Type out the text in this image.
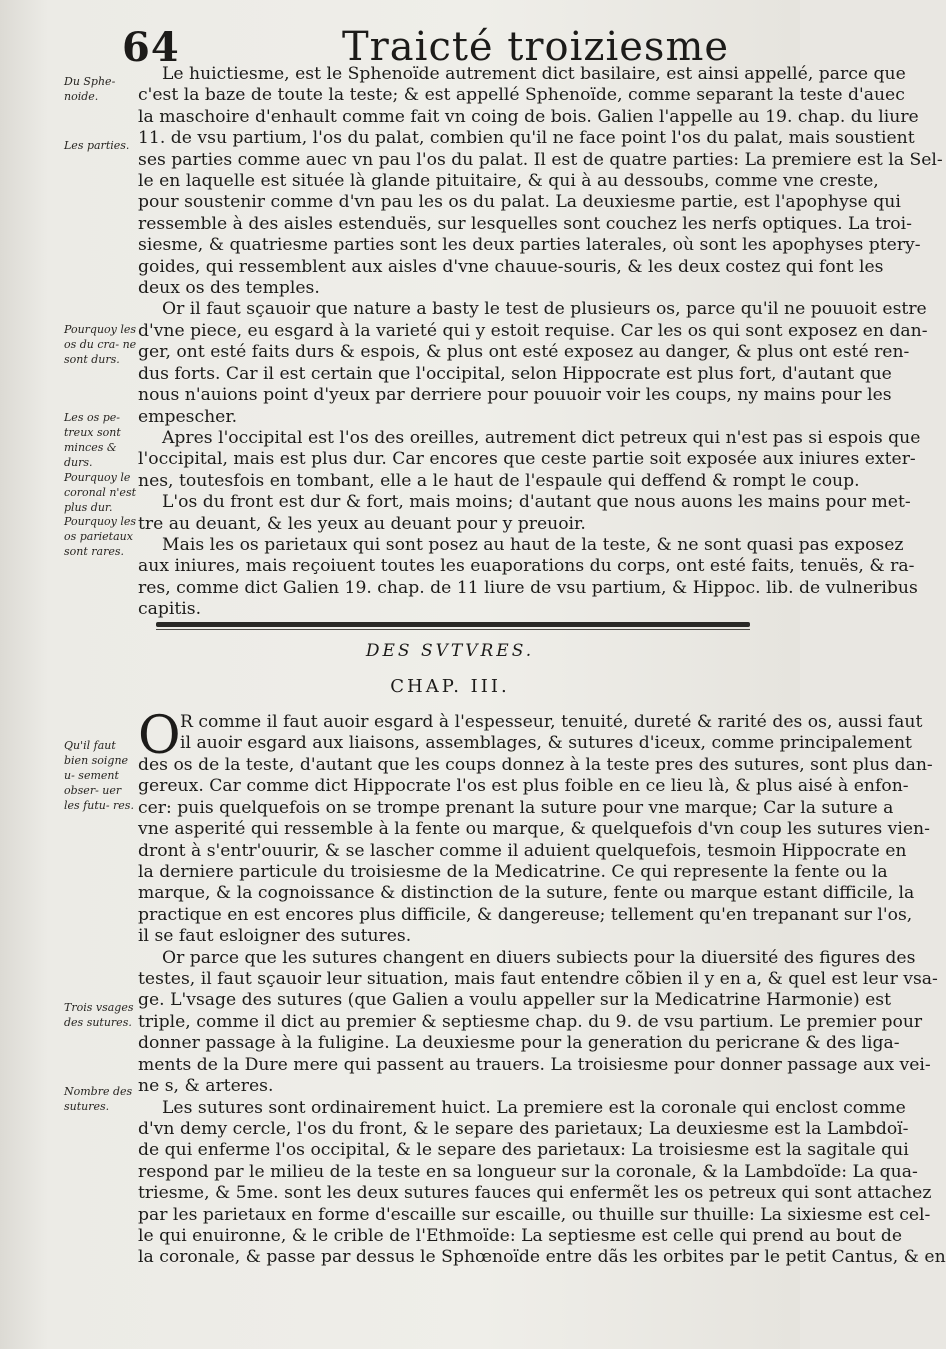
64	Traicté troiziesme
Du Sphe- noide.
Les parties.
Pourquoy les os du cra- ne sont durs.
Les os pe- treux sont minces & durs.
Pourquoy le coronal n'est plus dur.
Pourquoy les os parietaux sont rares.
Qu'il faut bien soigne u- sement obser- uer les futu- res.
Trois vsages des sutures.
Nombre des sutures.

Le huictiesme, est le Sphenoïde autrement dict basilaire, est ainsi appellé, parce que
c'est la baze de toute la teste; & est appellé Sphenoïde, comme separant la teste d'auec
la maschoire d'enhault comme fait vn coing de bois. Galien l'appelle au 19. chap. du liure
11. de vsu partium, l'os du palat, combien qu'il ne face point l'os du palat, mais soustient
ses parties comme auec vn pau l'os du palat. Il est de quatre parties: La premiere est la Sel-
le en laquelle est située là glande pituitaire, & qui à au dessoubs, comme vne creste,
pour soustenir comme d'vn pau les os du palat. La deuxiesme partie, est l'apophyse qui
ressemble à des aisles estenduës, sur lesquelles sont couchez les nerfs optiques. La troi-
siesme, & quatriesme parties sont les deux parties laterales, où sont les apophyses ptery-
goides, qui ressemblent aux aisles d'vne chauue-souris, & les deux costez qui font les
deux os des temples.

Or il faut sçauoir que nature a basty le test de plusieurs os, parce qu'il ne pouuoit estre
d'vne piece, eu esgard à la varieté qui y estoit requise. Car les os qui sont exposez en dan-
ger, ont esté faits durs & espois, & plus ont esté exposez au danger, & plus ont esté ren-
dus forts. Car il est certain que l'occipital, selon Hippocrate est plus fort, d'autant que
nous n'auions point d'yeux par derriere pour pouuoir voir les coups, ny mains pour les
empescher.

Apres l'occipital est l'os des oreilles, autrement dict petreux qui n'est pas si espois que
l'occipital, mais est plus dur. Car encores que ceste partie soit exposée aux iniures exter-
nes, toutesfois en tombant, elle a le haut de l'espaule qui deffend & rompt le coup.

L'os du front est dur & fort, mais moins; d'autant que nous auons les mains pour met-
tre au deuant, & les yeux au deuant pour y preuoir.

Mais les os parietaux qui sont posez au haut de la teste, & ne sont quasi pas exposez
aux iniures, mais reçoiuent toutes les euaporations du corps, ont esté faits, tenuës, & ra-
res, comme dict Galien 19. chap. de 11 liure de vsu partium, & Hippoc. lib. de vulneribus
capitis.

DES SVTVRES.
CHAP. III.
O R comme il faut auoir esgard à l'espesseur, tenuité, dureté & rarité des os, aussi faut
il auoir esgard aux liaisons, assemblages, & sutures d'iceux, comme principalement

des os de la teste, d'autant que les coups donnez à la teste pres des sutures, sont plus dan-
gereux. Car comme dict Hippocrate l'os est plus foible en ce lieu là, & plus aisé à enfon-
cer: puis quelquefois on se trompe prenant la suture pour vne marque; Car la suture a
vne asperité qui ressemble à la fente ou marque, & quelquefois d'vn coup les sutures vien-
dront à s'entr'ouurir, & se lascher comme il aduient quelquefois, tesmoin Hippocrate en
la derniere particule du troisiesme de la Medicatrine. Ce qui represente la fente ou la
marque, & la cognoissance & distinction de la suture, fente ou marque estant difficile, la
practique en est encores plus difficile, & dangereuse; tellement qu'en trepanant sur l'os,
il se faut esloigner des sutures.

Or parce que les sutures changent en diuers subiects pour la diuersité des figures des
testes, il faut sçauoir leur situation, mais faut entendre cõbien il y en a, & quel est leur vsa-
ge. L'vsage des sutures (que Galien a voulu appeller sur la Medicatrine Harmonie) est
triple, comme il dict au premier & septiesme chap. du 9. de vsu partium. Le premier pour
donner passage à la fuligine. La deuxiesme pour la generation du pericrane & des liga-
ments de la Dure mere qui passent au trauers. La troisiesme pour donner passage aux vei-
ne s, & arteres.

Les sutures sont ordinairement huict. La premiere est la coronale qui enclost comme
d'vn demy cercle, l'os du front, & le separe des parietaux; La deuxiesme est la Lambdoï-
de qui enferme l'os occipital, & le separe des parietaux: La troisiesme est la sagitale qui
respond par le milieu de la teste en sa longueur sur la coronale, & la Lambdoïde: La qua-
triesme, & 5me. sont les deux sutures fauces qui enfermẽt les os petreux qui sont attachez
par les parietaux en forme d'escaille sur escaille, ou thuille sur thuille: La sixiesme est cel-
le qui enuironne, & le crible de l'Ethmoïde: La septiesme est celle qui prend au bout de
la coronale, & passe par dessus le Sphœnoïde entre dãs les orbites par le petit Cantus, & en
